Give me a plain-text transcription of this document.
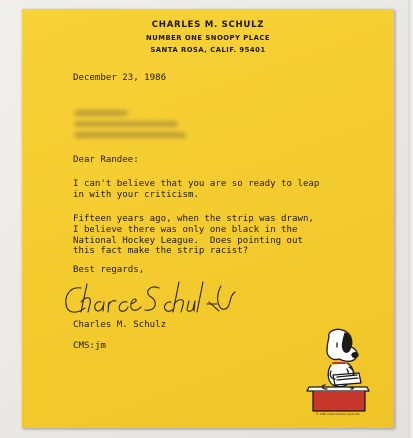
CHARLES M. SCHULZ
NUMBER ONE SNOOPY PLACE
SANTA ROSA, CALIF. 95401
December 23, 1986
Dear Randee:
I can't believe that you are so ready to leap
in with your criticism.
Fifteen years ago, when the strip was drawn,
I believe there was only one black in the
National Hockey League.  Does pointing out
this fact make the strip racist?
Best regards,
Charles M. Schulz
CMS:jm
© 1966 United Feature Syndicate
